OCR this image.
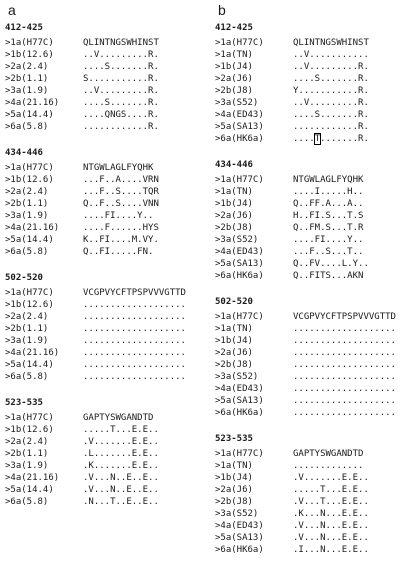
a	b
412-425
>1a(H77C)	QLINTNGSWHINST
>1b(12.6)	..V.........R.
>2a(2.4)	....S.......R.
>2b(1.1)	S...........R.
>3a(1.9)	..V.........R.
>4a(21.16)	....S.......R.
>5a(14.4)	....QNGS....R.
>6a(5.8)	............R.
434-446
>1a(H77C)	NTGWLAGLFYQHK
>1b(12.6)	...F..A....VRN
>2a(2.4)	...F..S....TQR
>2b(1.1)	Q..F..S....VNN
>3a(1.9)	....FI....Y..
>4a(21.16)	....F......HYS
>5a(14.4)	K..FI....M.VY.
>6a(5.8)	Q..FI.....FN.
502-520
>1a(H77C)	VCGPVYCFTPSPVVVGTTD
>1b(12.6)	...................
>2a(2.4)	...................
>2b(1.1)	...................
>3a(1.9)	...................
>4a(21.16)	...................
>5a(14.4)	...................
>6a(5.8)	...................
523-535
>1a(H77C)	GAPTYSWGANDTD
>1b(12.6)	.....T...E.E..
>2a(2.4)	.V.......E.E..
>2b(1.1)	.L.......E.E..
>3a(1.9)	.K.......E.E..
>4a(21.16)	.V...N..E..E..
>5a(14.4)	.V...N..E..E..
>6a(5.8)	.N...T..E..E..
412-425
>1a(H77C)	QLINTNGSWHINST
>1a(TN)	..V...........
>1b(J4)	..V.........R.
>2a(J6)	....S.......R.
>2b(J8)	Y...........R.
>3a(S52)	..V.........R.
>4a(ED43)	....S.......R.
>5a(SA13)	............R.
>6a(HK6a)	....T.......R.
434-446
>1a(H77C)	NTGWLAGLFYQHK
>1a(TN)	....I.....H..
>1b(J4)	Q..FF.A...A..
>2a(J6)	H..FI.S...T.S
>2b(J8)	Q..FM.S...T.R
>3a(S52)	....FI....Y..
>4a(ED43)	...F..S...T..
>5a(SA13)	Q..FV....L.Y..
>6a(HK6a)	Q..FITS...AKN
502-520
>1a(H77C)	VCGPVYCFTPSPVVVGTTD
>1a(TN)	...................
>1b(J4)	...................
>2a(J6)	...................
>2b(J8)	...................
>3a(S52)	...................
>4a(ED43)	...................
>5a(SA13)	...................
>6a(HK6a)	...................
523-535
>1a(H77C)	GAPTYSWGANDTD
>1a(TN)	.............
>1b(J4)	.V.......E.E..
>2a(J6)	.....T...E.E..
>2b(J8)	.V...T...E.E..
>3a(S52)	.K...N...E.E..
>4a(ED43)	.V...N...E.E..
>5a(SA13)	.V...N...E.E..
>6a(HK6a)	.I...N...E.E..
